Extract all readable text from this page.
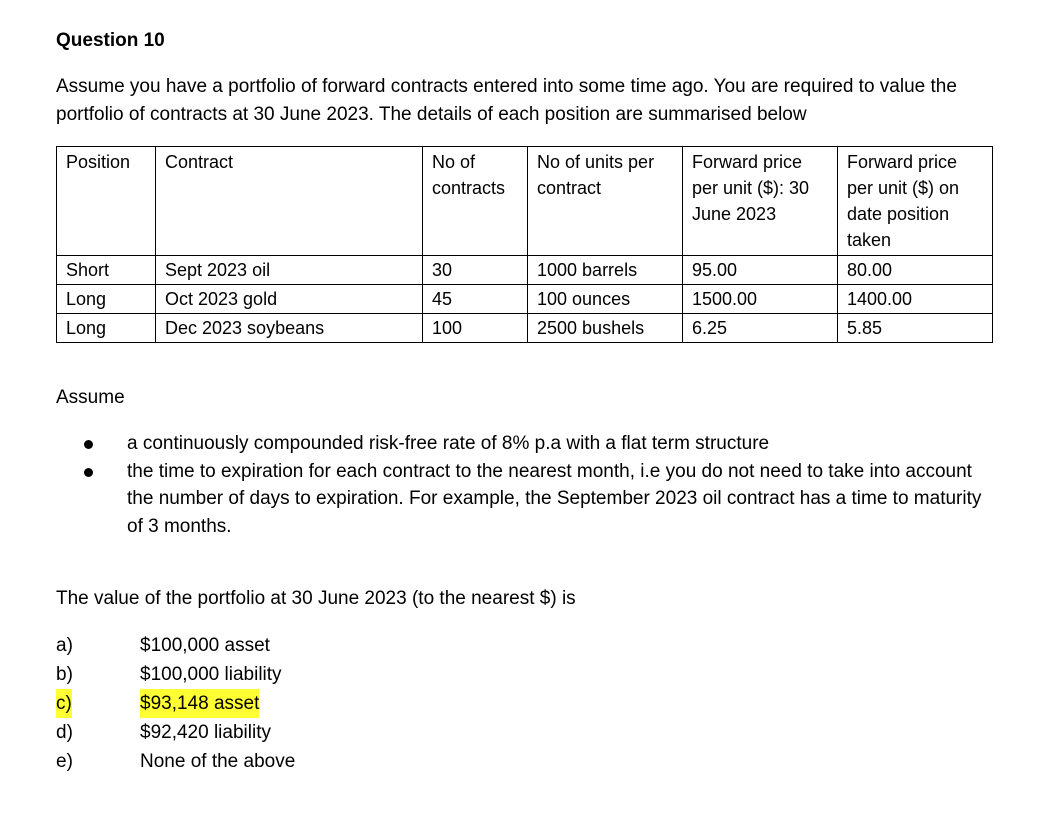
Question 10
Assume you have a portfolio of forward contracts entered into some time ago. You are required to value the portfolio of contracts at 30 June 2023. The details of each position are summarised below
Position	Contract	No of contracts	No of units per contract	Forward price per unit ($): 30 June 2023	Forward price per unit ($) on date position taken
Short	Sept 2023 oil	30	1000 barrels	95.00	80.00
Long	Oct 2023 gold	45	100 ounces	1500.00	1400.00
Long	Dec 2023 soybeans	100	2500 bushels	6.25	5.85
Assume
a continuously compounded risk-free rate of 8% p.a with a flat term structure
the time to expiration for each contract to the nearest month, i.e you do not need to take into account the number of days to expiration. For example, the September 2023 oil contract has a time to maturity of 3 months.
The value of the portfolio at 30 June 2023 (to the nearest $) is
a)	$100,000 asset
b)	$100,000 liability
c)	$93,148 asset
d)	$92,420 liability
e)	None of the above
